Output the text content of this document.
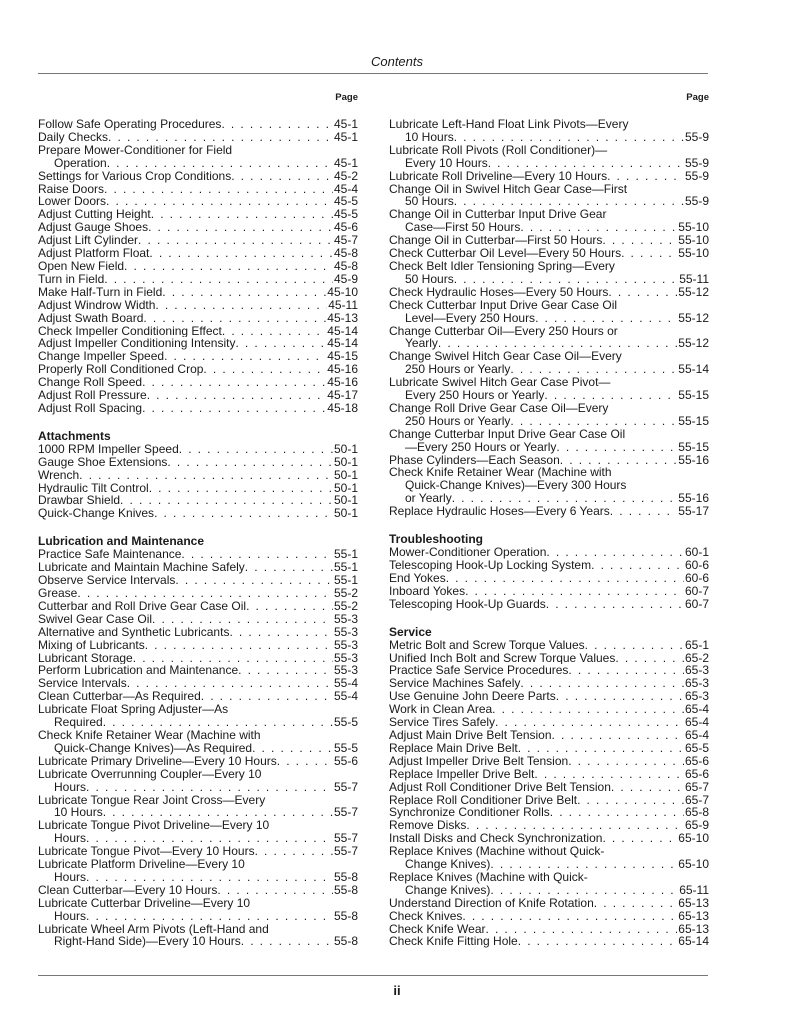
Contents
Page
Follow Safe Operating Procedures . . .	45-1
Daily Checks . . .	45-1
Prepare Mower-Conditioner for Field
Operation . . .	45-1
Settings for Various Crop Conditions . . .	45-2
Raise Doors . . .	45-4
Lower Doors . . .	45-5
Adjust Cutting Height . . .	45-5
Adjust Gauge Shoes . . .	45-6
Adjust Lift Cylinder . . .	45-7
Adjust Platform Float . . .	45-8
Open New Field . . .	45-8
Turn in Field . . .	45-9
Make Half-Turn in Field . . .	45-10
Adjust Windrow Width . . .	45-11
Adjust Swath Board . . .	45-13
Check Impeller Conditioning Effect . . .	45-14
Adjust Impeller Conditioning Intensity . . .	45-14
Change Impeller Speed . . .	45-15
Properly Roll Conditioned Crop . . .	45-16
Change Roll Speed . . .	45-16
Adjust Roll Pressure . . .	45-17
Adjust Roll Spacing . . .	45-18
Attachments
1000 RPM Impeller Speed . . .	50-1
Gauge Shoe Extensions . . .	50-1
Wrench . . .	50-1
Hydraulic Tilt Control . . .	50-1
Drawbar Shield . . .	50-1
Quick-Change Knives . . .	50-1
Lubrication and Maintenance
Practice Safe Maintenance . . .	55-1
Lubricate and Maintain Machine Safely . . .	55-1
Observe Service Intervals . . .	55-1
Grease . . .	55-2
Cutterbar and Roll Drive Gear Case Oil . . .	55-2
Swivel Gear Case Oil . . .	55-3
Alternative and Synthetic Lubricants . . .	55-3
Mixing of Lubricants . . .	55-3
Lubricant Storage . . .	55-3
Perform Lubrication and Maintenance . . .	55-3
Service Intervals . . .	55-4
Clean Cutterbar—As Required . . .	55-4
Lubricate Float Spring Adjuster—As
Required . . .	55-5
Check Knife Retainer Wear (Machine with
Quick-Change Knives)—As Required . . .	55-5
Lubricate Primary Driveline—Every 10 Hours . . .	55-6
Lubricate Overrunning Coupler—Every 10
Hours . . .	55-7
Lubricate Tongue Rear Joint Cross—Every
10 Hours . . .	55-7
Lubricate Tongue Pivot Driveline—Every 10
Hours . . .	55-7
Lubricate Tongue Pivot—Every 10 Hours . . .	55-7
Lubricate Platform Driveline—Every 10
Hours . . .	55-8
Clean Cutterbar—Every 10 Hours . . .	55-8
Lubricate Cutterbar Driveline—Every 10
Hours . . .	55-8
Lubricate Wheel Arm Pivots (Left-Hand and
Right-Hand Side)—Every 10 Hours . . .	55-8
Page
Lubricate Left-Hand Float Link Pivots—Every
10 Hours . . .	55-9
Lubricate Roll Pivots (Roll Conditioner)—
Every 10 Hours . . .	55-9
Lubricate Roll Driveline—Every 10 Hours . . .	55-9
Change Oil in Swivel Hitch Gear Case—First
50 Hours . . .	55-9
Change Oil in Cutterbar Input Drive Gear
Case—First 50 Hours . . .	55-10
Change Oil in Cutterbar—First 50 Hours . . .	55-10
Check Cutterbar Oil Level—Every 50 Hours . . .	55-10
Check Belt Idler Tensioning Spring—Every
50 Hours . . .	55-11
Check Hydraulic Hoses—Every 50 Hours . . .	55-12
Check Cutterbar Input Drive Gear Case Oil
Level—Every 250 Hours . . .	55-12
Change Cutterbar Oil—Every 250 Hours or
Yearly . . .	55-12
Change Swivel Hitch Gear Case Oil—Every
250 Hours or Yearly . . .	55-14
Lubricate Swivel Hitch Gear Case Pivot—
Every 250 Hours or Yearly . . .	55-15
Change Roll Drive Gear Case Oil—Every
250 Hours or Yearly . . .	55-15
Change Cutterbar Input Drive Gear Case Oil
—Every 250 Hours or Yearly . . .	55-15
Phase Cylinders—Each Season . . .	55-16
Check Knife Retainer Wear (Machine with
Quick-Change Knives)—Every 300 Hours
or Yearly . . .	55-16
Replace Hydraulic Hoses—Every 6 Years . . .	55-17
Troubleshooting
Mower-Conditioner Operation . . .	60-1
Telescoping Hook-Up Locking System . . .	60-6
End Yokes . . .	60-6
Inboard Yokes . . .	60-7
Telescoping Hook-Up Guards . . .	60-7
Service
Metric Bolt and Screw Torque Values . . .	65-1
Unified Inch Bolt and Screw Torque Values . . .	65-2
Practice Safe Service Procedures . . .	65-3
Service Machines Safely . . .	65-3
Use Genuine John Deere Parts . . .	65-3
Work in Clean Area . . .	65-4
Service Tires Safely . . .	65-4
Adjust Main Drive Belt Tension . . .	65-4
Replace Main Drive Belt . . .	65-5
Adjust Impeller Drive Belt Tension . . .	65-6
Replace Impeller Drive Belt . . .	65-6
Adjust Roll Conditioner Drive Belt Tension . . .	65-7
Replace Roll Conditioner Drive Belt . . .	65-7
Synchronize Conditioner Rolls . . .	65-8
Remove Disks . . .	65-9
Install Disks and Check Synchronization . . .	65-10
Replace Knives (Machine without Quick-
Change Knives) . . .	65-10
Replace Knives (Machine with Quick-
Change Knives) . . .	65-11
Understand Direction of Knife Rotation . . .	65-13
Check Knives . . .	65-13
Check Knife Wear . . .	65-13
Check Knife Fitting Hole . . .	65-14
ii
